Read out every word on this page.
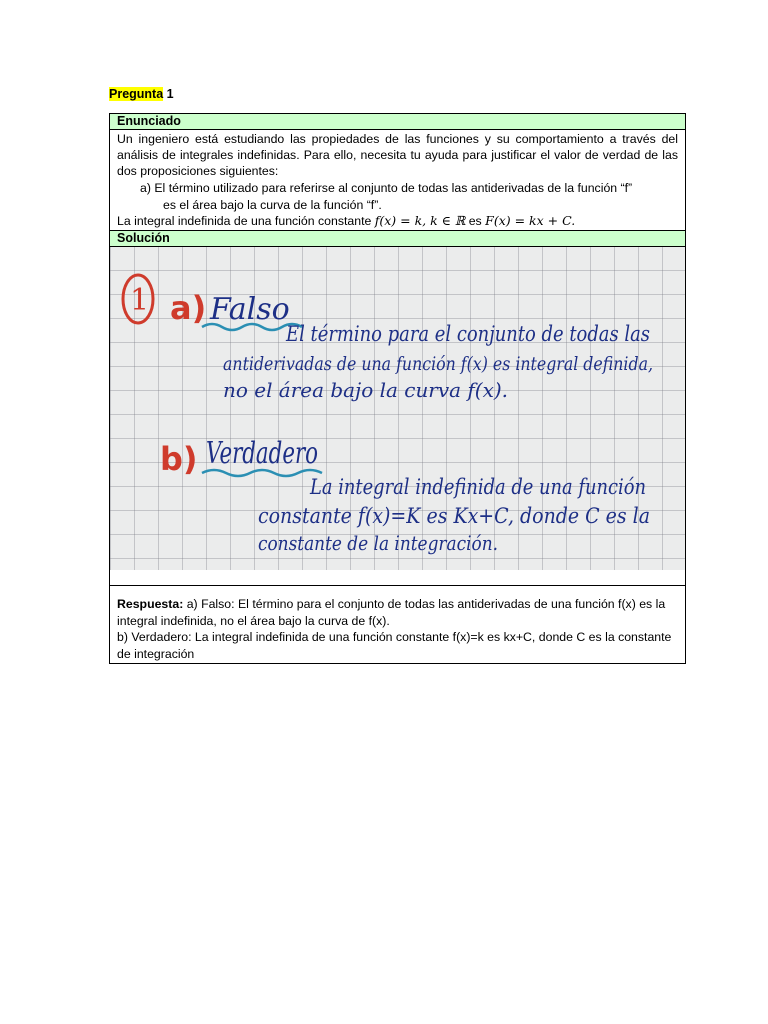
Pregunta 1
Enunciado

Un ingeniero está estudiando las propiedades de las funciones y su comportamiento a través del análisis de integrales indefinidas. Para ello, necesita tu ayuda para justificar el valor de verdad de las dos proposiciones siguientes:

a) El término utilizado para referirse al conjunto de todas las antiderivadas de la función “f”

es el área bajo la curva de la función “f”.

La integral indefinida de una función constante f(x) = k, k ∈ ℝ es F(x) = kx + C.

Solución
1 a) Falso
El término para el conjunto de todas las
antiderivadas de una función f(x) es integral definida,
no el área bajo la curva f(x).
b) Verdadero
La integral indefinida de una función
constante f(x)=K es Kx+C, donde C es la
constante de la integración.

Respuesta: a) Falso: El término para el conjunto de todas las antiderivadas de una función f(x) es la integral indefinida, no el área bajo la curva de f(x).

b) Verdadero: La integral indefinida de una función constante f(x)=k es kx+C, donde C es la constante de integración
